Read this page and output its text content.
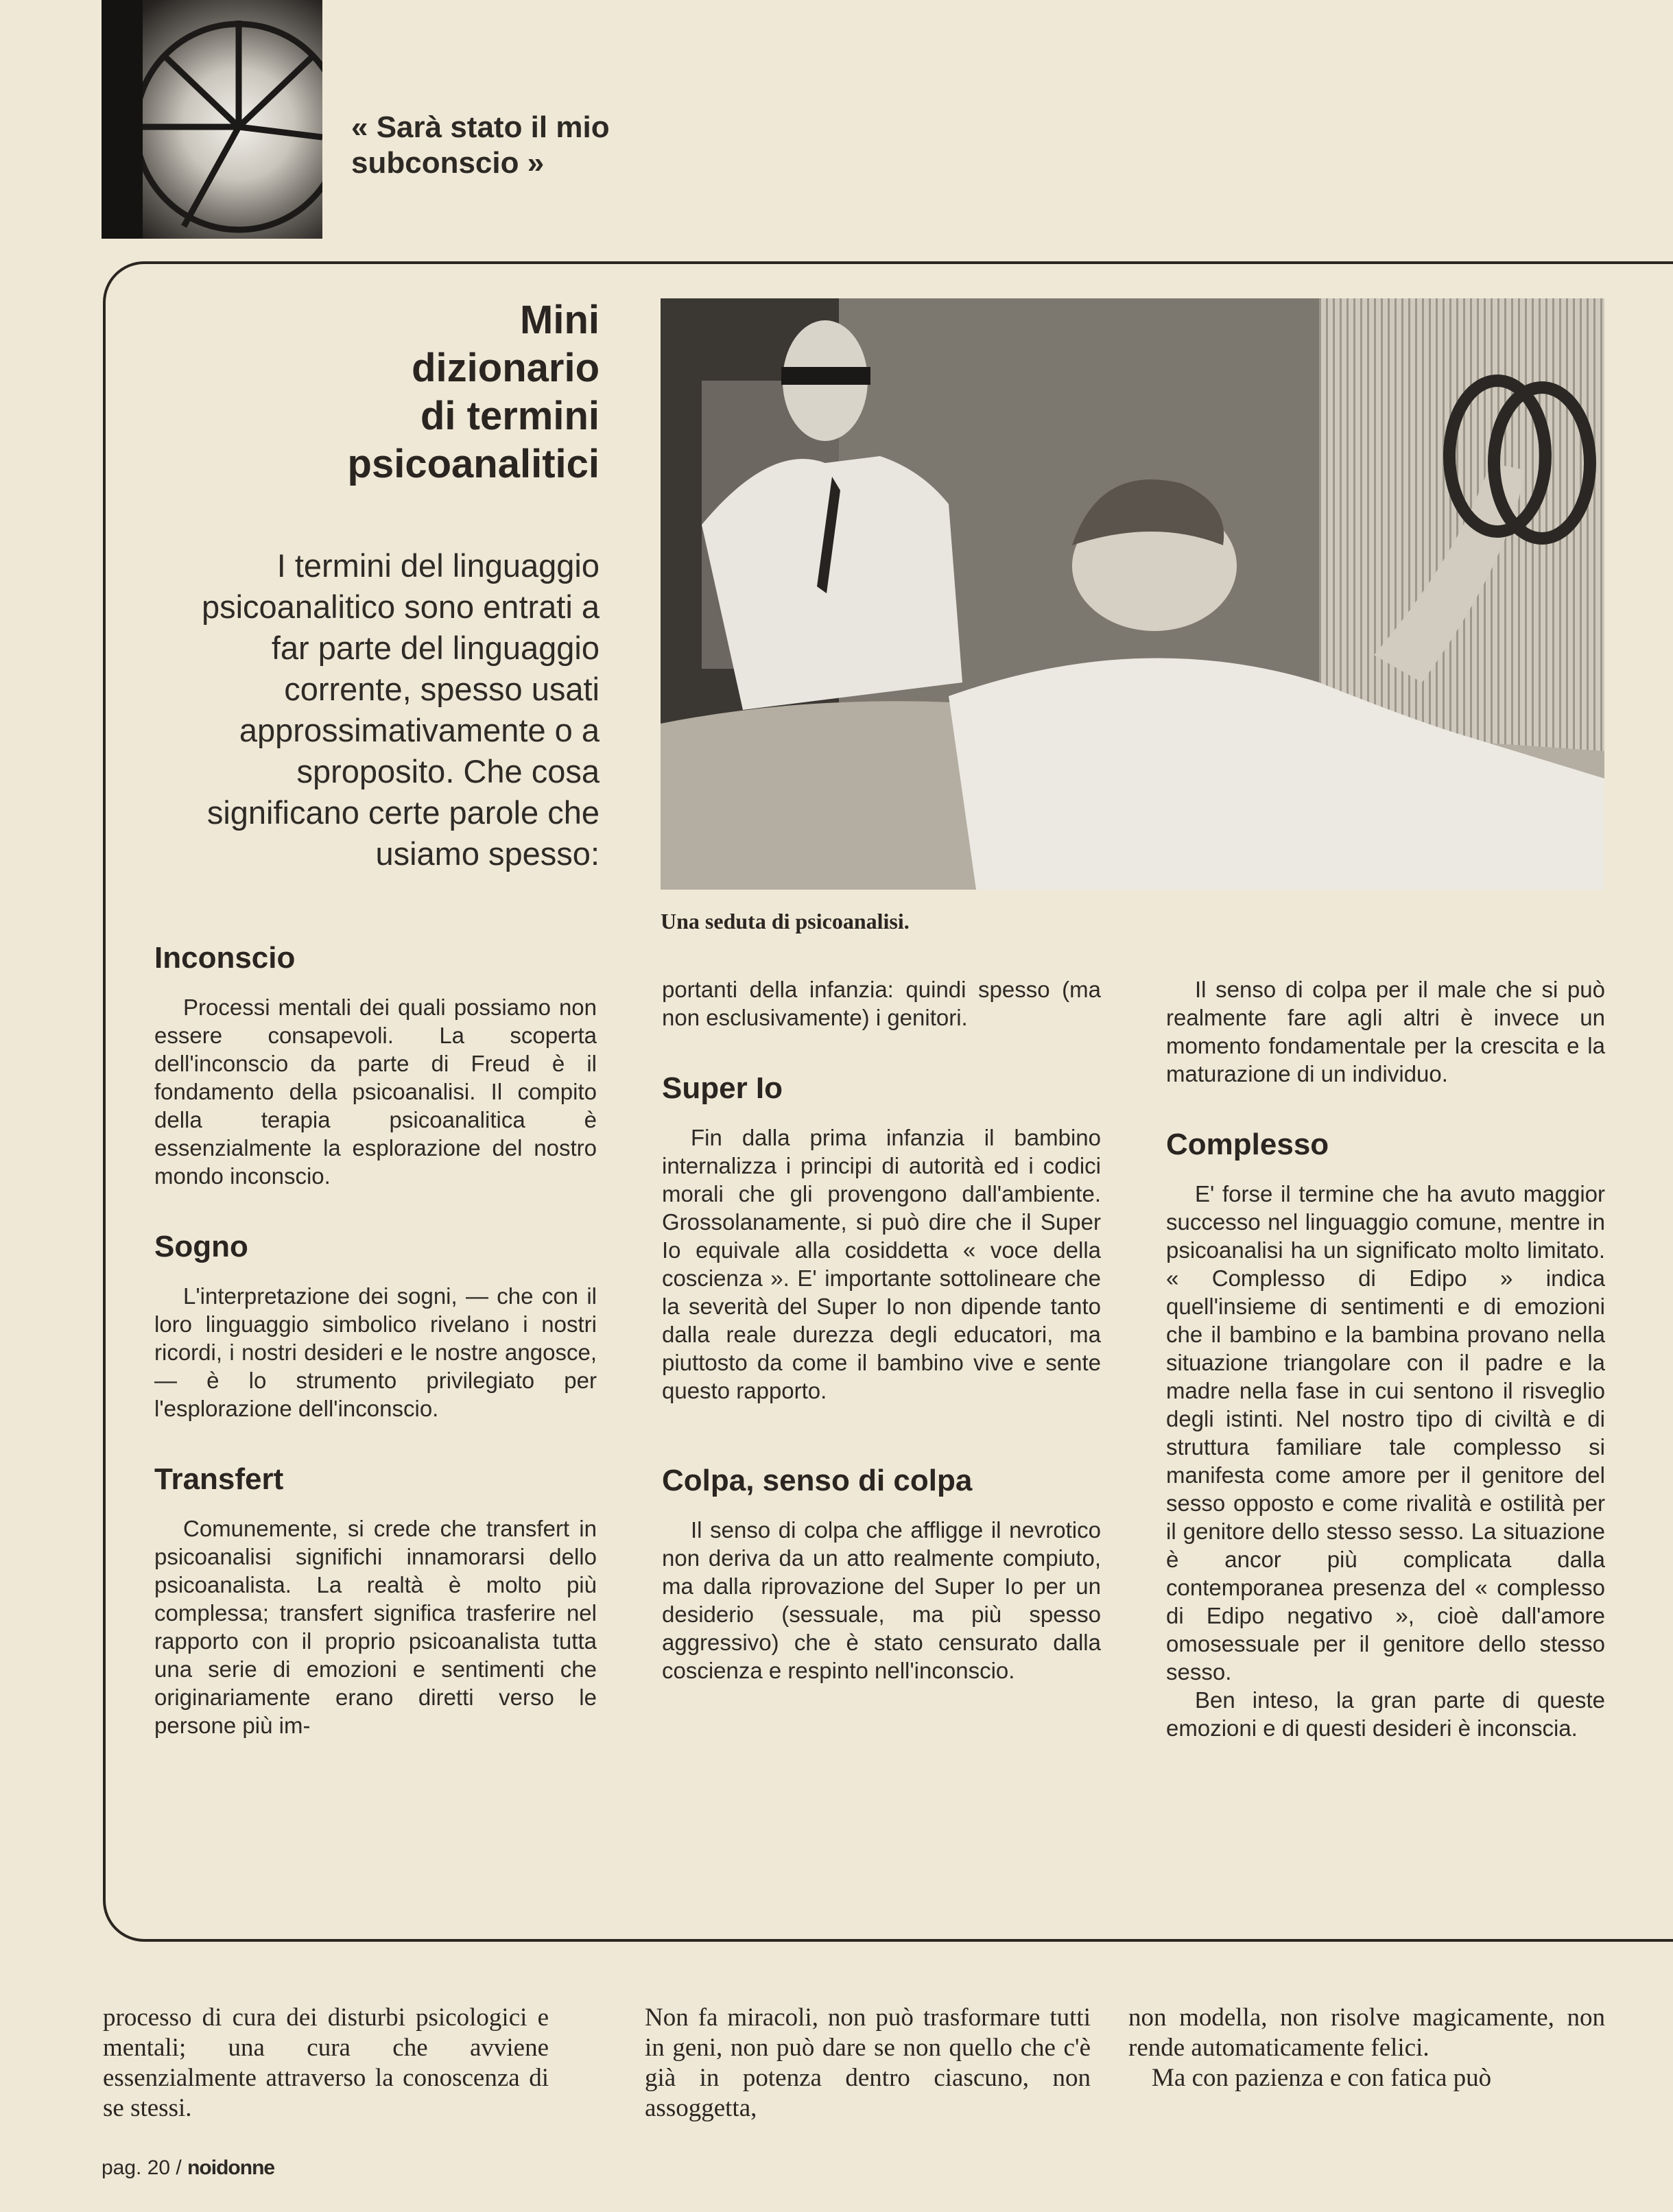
« Sarà stato il mio subconscio »
Mini
dizionario
di termini
psicoanalitici
I termini del linguaggio psicoanalitico sono entrati a far parte del linguaggio corrente, spesso usati approssimativamente o a sproposito. Che cosa significano certe parole che usiamo spesso:
Una seduta di psicoanalisi.
Inconscio

Processi mentali dei quali possiamo non essere consapevoli. La scoperta dell'inconscio da parte di Freud è il fondamento della psicoanalisi. Il compito della terapia psicoanalitica è essenzialmente la esplorazione del nostro mondo inconscio.

Sogno

L'interpretazione dei sogni, — che con il loro linguaggio simbolico rivelano i nostri ricordi, i nostri desideri e le nostre angosce, — è lo strumento privilegiato per l'esplorazione dell'inconscio.

Transfert

Comunemente, si crede che transfert in psicoanalisi significhi innamorarsi dello psicoanalista. La realtà è molto più complessa; transfert significa trasferire nel rapporto con il proprio psicoanalista tutta una serie di emozioni e sentimenti che originariamente erano diretti verso le persone più im-

portanti della infanzia: quindi spesso (ma non esclusivamente) i genitori.

Super Io

Fin dalla prima infanzia il bambino internalizza i principi di autorità ed i codici morali che gli provengono dall'ambiente. Grossolanamente, si può dire che il Super Io equivale alla cosiddetta « voce della coscienza ». E' importante sottolineare che la severità del Super Io non dipende tanto dalla reale durezza degli educatori, ma piuttosto da come il bambino vive e sente questo rapporto.

Colpa, senso di colpa

Il senso di colpa che affligge il nevrotico non deriva da un atto realmente compiuto, ma dalla riprovazione del Super Io per un desiderio (sessuale, ma più spesso aggressivo) che è stato censurato dalla coscienza e respinto nell'inconscio.

Il senso di colpa per il male che si può realmente fare agli altri è invece un momento fondamentale per la crescita e la maturazione di un individuo.

Complesso

E' forse il termine che ha avuto maggior successo nel linguaggio comune, mentre in psicoanalisi ha un significato molto limitato. « Complesso di Edipo » indica quell'insieme di sentimenti e di emozioni che il bambino e la bambina provano nella situazione triangolare con il padre e la madre nella fase in cui sentono il risveglio degli istinti. Nel nostro tipo di civiltà e di struttura familiare tale complesso si manifesta come amore per il genitore del sesso opposto e come rivalità e ostilità per il genitore dello stesso sesso. La situazione è ancor più complicata dalla contemporanea presenza del « complesso di Edipo negativo », cioè dall'amore omosessuale per il genitore dello stesso sesso.

Ben inteso, la gran parte di queste emozioni e di questi desideri è inconscia.

processo di cura dei disturbi psicologici e mentali; una cura che avviene essenzialmente attraverso la conoscenza di se stessi.
Non fa miracoli, non può trasformare tutti in geni, non può dare se non quello che c'è già in potenza dentro ciascuno, non assoggetta,
non modella, non risolve magicamente, non rende automaticamente felici.
Ma con pazienza e con fatica può
pag. 20 / noidonne
